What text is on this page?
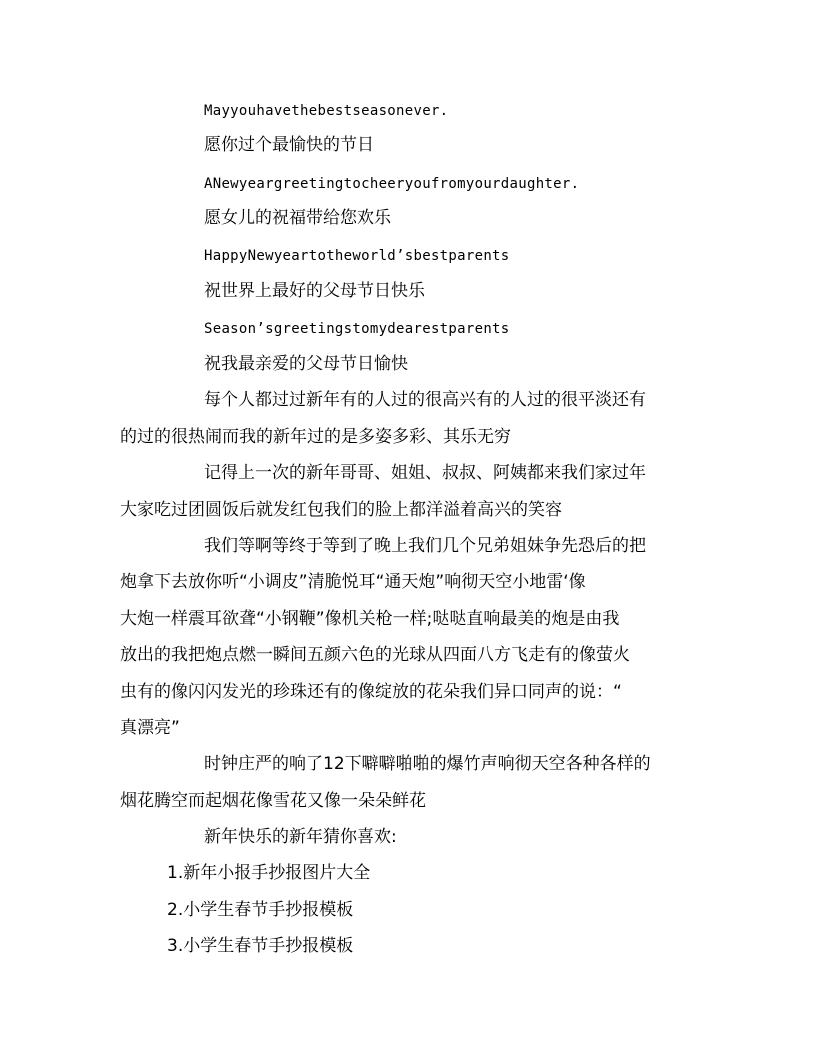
Mayyouhavethebestseasonever.
愿你过个最愉快的节日
ANewyeargreetingtocheeryoufromyourdaughter.
愿女儿的祝福带给您欢乐
HappyNewyeartotheworld’sbestparents
祝世界上最好的父母节日快乐
Season’sgreetingstomydearestparents
祝我最亲爱的父母节日愉快
每个人都过过新年有的人过的很高兴有的人过的很平淡还有
的过的很热闹而我的新年过的是多姿多彩、其乐无穷
记得上一次的新年哥哥、姐姐、叔叔、阿姨都来我们家过年
大家吃过团圆饭后就发红包我们的脸上都洋溢着高兴的笑容
我们等啊等终于等到了晚上我们几个兄弟姐妹争先恐后的把
炮拿下去放你听“小调皮”清脆悦耳“通天炮”响彻天空小地雷‘像
大炮一样震耳欲聋“小钢鞭”像机关枪一样;哒哒直响最美的炮是由我
放出的我把炮点燃一瞬间五颜六色的光球从四面八方飞走有的像萤火
虫有的像闪闪发光的珍珠还有的像绽放的花朵我们异口同声的说：“
真漂亮”
时钟庄严的响了12下噼噼啪啪的爆竹声响彻天空各种各样的
烟花腾空而起烟花像雪花又像一朵朵鲜花
新年快乐的新年猜你喜欢:
1.新年小报手抄报图片大全
2.小学生春节手抄报模板
3.小学生春节手抄报模板
